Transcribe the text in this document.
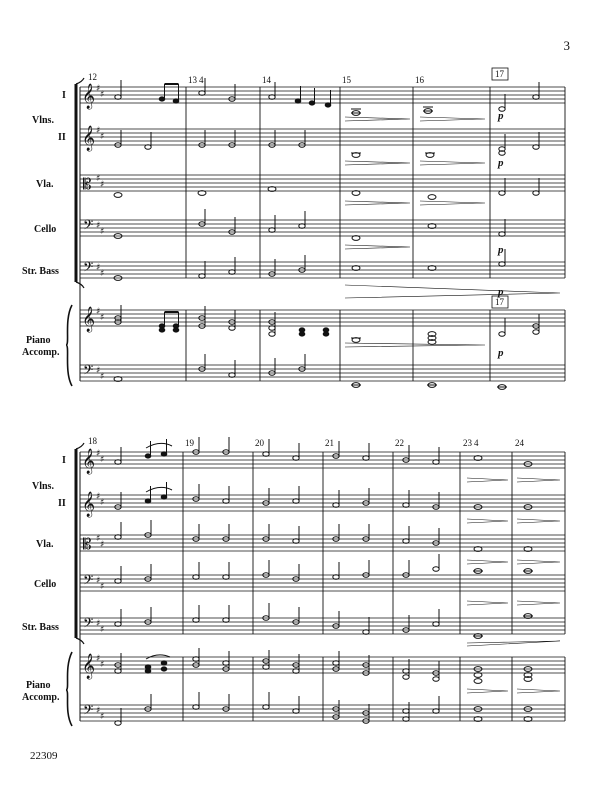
3
𝄞
𝄞
𝄡
𝄢
𝄢
𝄞
𝄢
♯
♯
♯
♯
♯
♯
♯
♯
♯
♯
♯
♯
♯
♯
𝄞
𝄞
𝄡
𝄢
𝄢
𝄞
𝄢
♯
♯
♯
♯
♯
♯
♯
♯
♯
♯
♯
♯
♯
♯
Vlns.
I
II
Vla.
Cello
Str. Bass
Piano
Accomp.
Vlns.
I
II
Vla.
Cello
Str. Bass
Piano
Accomp.
12	13 4	14	15	16
17
17
p
p
p
p
p
18	19	20	21	22	23 4	24
22309
